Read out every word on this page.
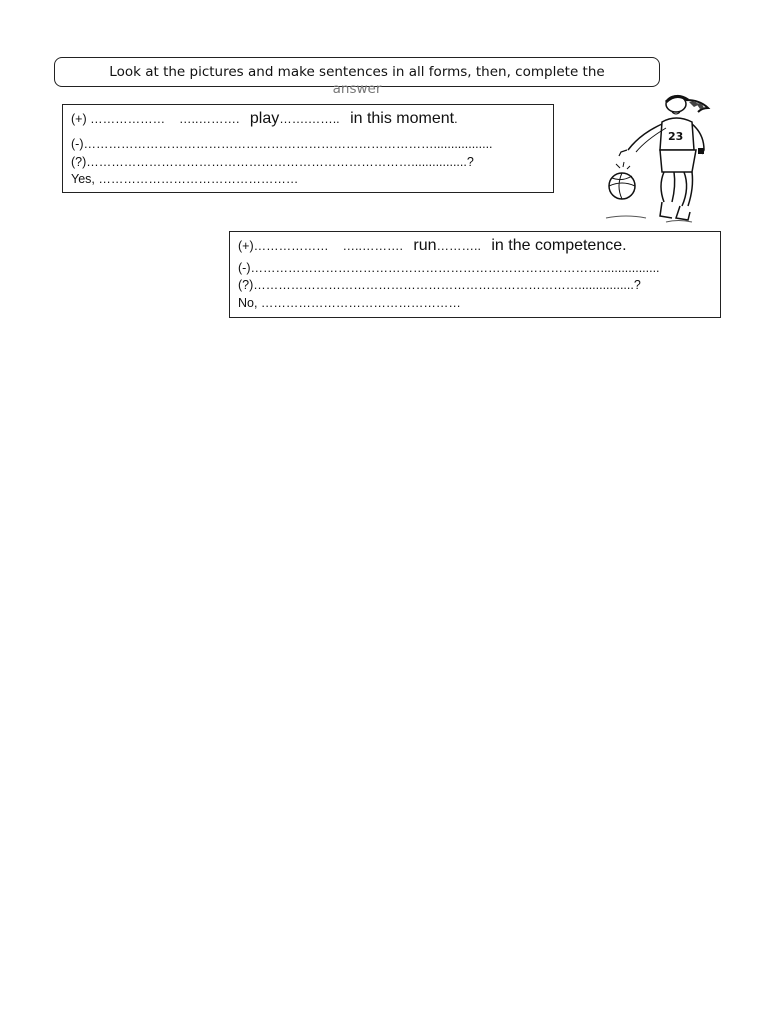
Look at the pictures and make sentences in all forms, then, complete the
answer
(+) ……………… …..………. play…….…….. in this moment.
(-)………………………………………………………………………….................
(?)……………………………………………………………………................?
Yes, …………………………………………
23
(+)……………… …..………. run……….. in the competence.
(-)………………………………………………………………………….................
(?)……………………………………………………………………................?
No, …………………………………………
